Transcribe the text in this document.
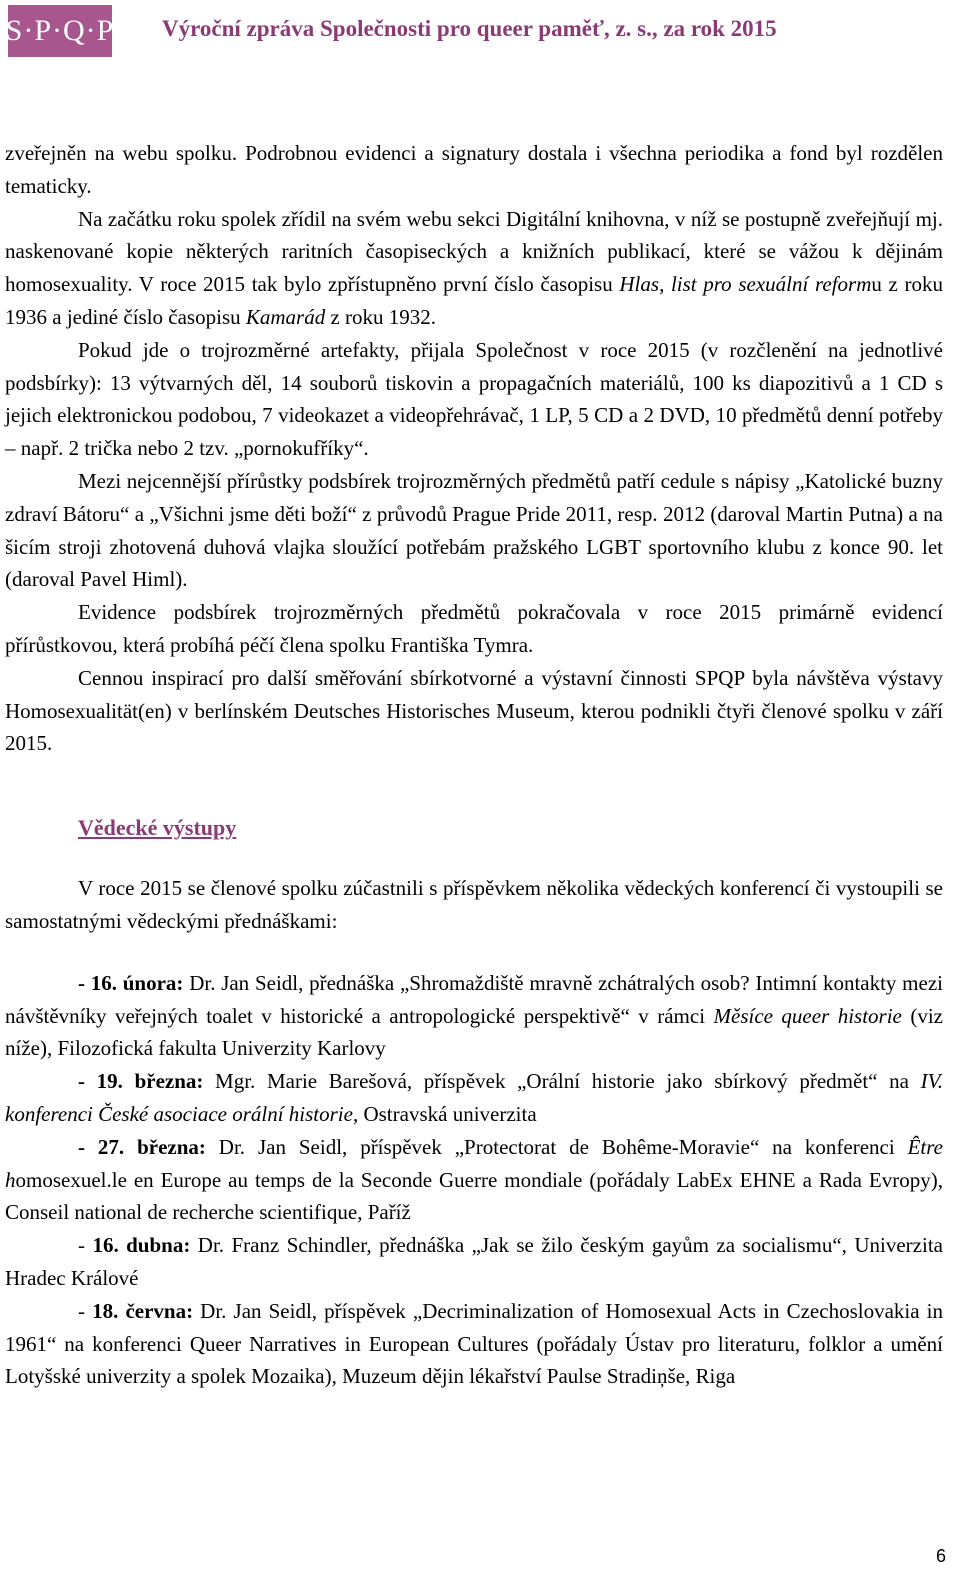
S·P·Q·P Výroční zpráva Společnosti pro queer paměť, z. s., za rok 2015

zveřejněn na webu spolku. Podrobnou evidenci a signatury dostala i všechna periodika a fond byl rozdělen tematicky.

Na začátku roku spolek zřídil na svém webu sekci Digitální knihovna, v níž se postupně zveřejňují mj. naskenované kopie některých raritních časopiseckých a knižních publikací, které se vážou k dějinám homosexuality. V roce 2015 tak bylo zpřístupněno první číslo časopisu Hlas, list pro sexuální reformu z roku 1936 a jediné číslo časopisu Kamarád z roku 1932.

Pokud jde o trojrozměrné artefakty, přijala Společnost v roce 2015 (v rozčlenění na jednotlivé podsbírky): 13 výtvarných děl, 14 souborů tiskovin a propagačních materiálů, 100 ks diapozitivů a 1 CD s jejich elektronickou podobou, 7 videokazet a videopřehrávač, 1 LP, 5 CD a 2 DVD, 10 předmětů denní potřeby – např. 2 trička nebo 2 tzv. „pornokufříky“.

Mezi nejcennější přírůstky podsbírek trojrozměrných předmětů patří cedule s nápisy „Katolické buzny zdraví Bátoru“ a „Všichni jsme děti boží“ z průvodů Prague Pride 2011, resp. 2012 (daroval Martin Putna) a na šicím stroji zhotovená duhová vlajka sloužící potřebám pražského LGBT sportovního klubu z konce 90. let (daroval Pavel Himl).

Evidence podsbírek trojrozměrných předmětů pokračovala v roce 2015 primárně evidencí přírůstkovou, která probíhá péčí člena spolku Františka Tymra.

Cennou inspirací pro další směřování sbírkotvorné a výstavní činnosti SPQP byla návštěva výstavy Homosexualität(en) v berlínském Deutsches Historisches Museum, kterou podnikli čtyři členové spolku v září 2015.

Vědecké výstupy

V roce 2015 se členové spolku zúčastnili s příspěvkem několika vědeckých konferencí či vystoupili se samostatnými vědeckými přednáškami:

- 16. února: Dr. Jan Seidl, přednáška „Shromaždiště mravně zchátralých osob? Intimní kontakty mezi návštěvníky veřejných toalet v historické a antropologické perspektivě“ v rámci Měsíce queer historie (viz níže), Filozofická fakulta Univerzity Karlovy

- 19. března: Mgr. Marie Barešová, příspěvek „Orální historie jako sbírkový předmět“ na IV. konferenci České asociace orální historie, Ostravská univerzita

- 27. března: Dr. Jan Seidl, příspěvek „Protectorat de Bohême-Moravie“ na konferenci Être homosexuel.le en Europe au temps de la Seconde Guerre mondiale (pořádaly LabEx EHNE a Rada Evropy), Conseil national de recherche scientifique, Paříž

- 16. dubna: Dr. Franz Schindler, přednáška „Jak se žilo českým gayům za socialismu“, Univerzita Hradec Králové

- 18. června: Dr. Jan Seidl, příspěvek „Decriminalization of Homosexual Acts in Czechoslovakia in 1961“ na konferenci Queer Narratives in European Cultures (pořádaly Ústav pro literaturu, folklor a umění Lotyšské univerzity a spolek Mozaika), Muzeum dějin lékařství Paulse Stradiņše, Riga

6
